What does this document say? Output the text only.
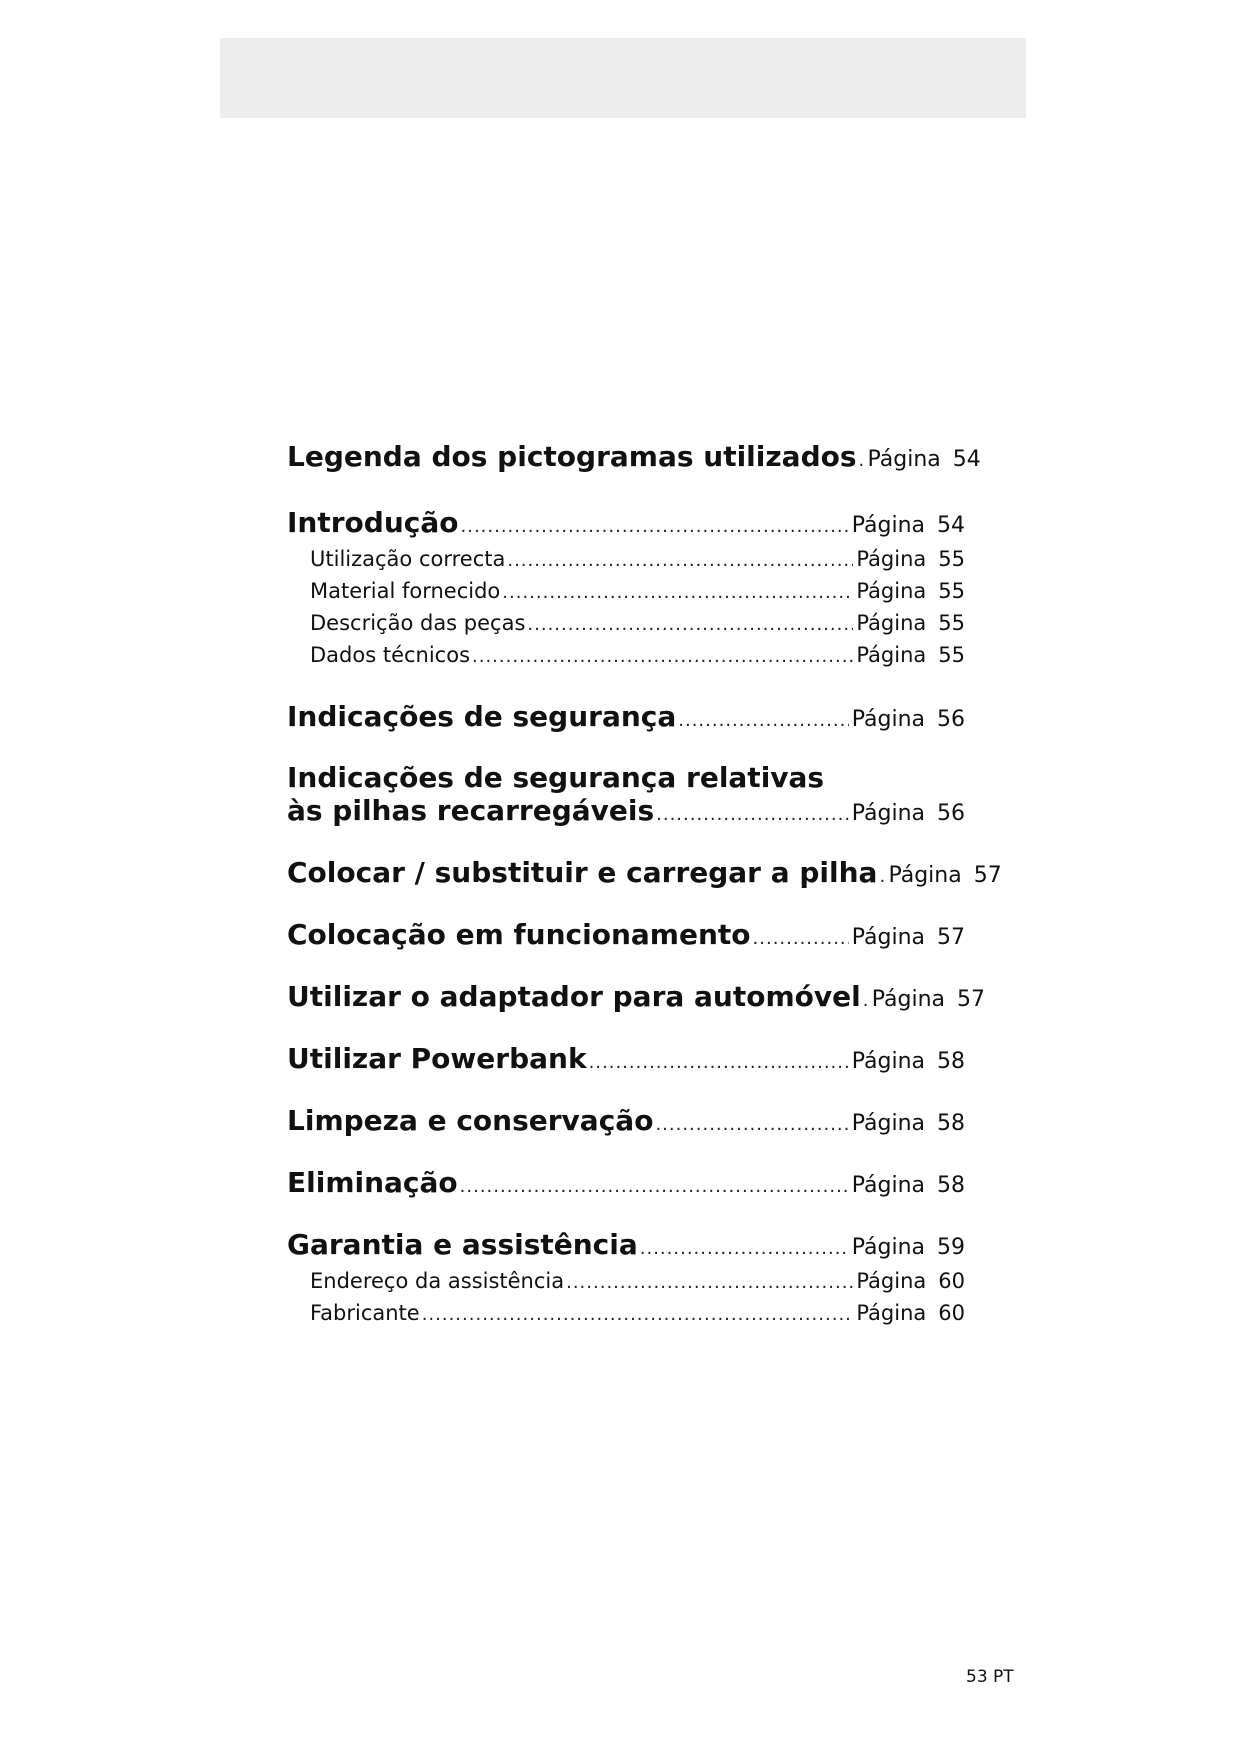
Legenda dos pictogramas utilizados ..... Página 54
Introdução .....	Página 54
Utilização correcta .....	Página 55
Material fornecido .....	Página 55
Descrição das peças .....	Página 55
Dados técnicos .....	Página 55
Indicações de segurança .....	Página 56
Indicações de segurança relativas
às pilhas recarregáveis .....	Página 56
Colocar / substituir e carregar a pilha ..... Página 57
Colocação em funcionamento .....	Página 57
Utilizar o adaptador para automóvel ..... Página 57
Utilizar Powerbank .....	Página 58
Limpeza e conservação .....	Página 58
Eliminação .....	Página 58
Garantia e assistência .....	Página 59
Endereço da assistência .....	Página 60
Fabricante .....	Página 60
53 PT
